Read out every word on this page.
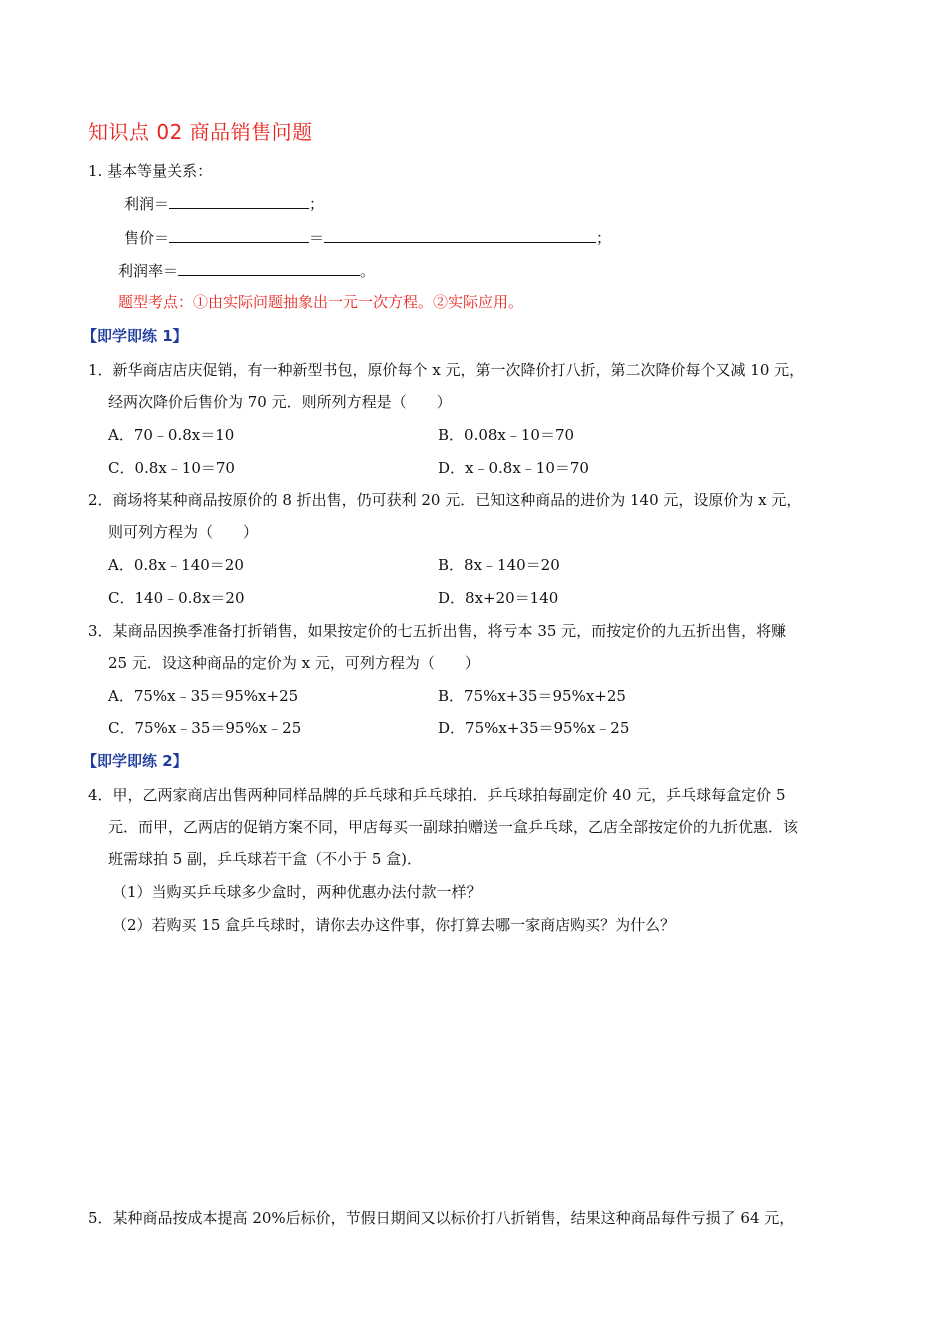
知识点 02 商品销售问题
1. 基本等量关系：
利润＝	；
售价＝	＝	；
利润率＝	。
题型考点：①由实际问题抽象出一元一次方程。②实际应用。
【即学即练 1】
1．新华商店店庆促销，有一种新型书包，原价每个 x 元，第一次降价打八折，第二次降价每个又减 10 元，
经两次降价后售价为 70 元．则所列方程是（　　）
A．70﹣0.8x＝10	B．0.08x﹣10＝70
C．0.8x﹣10＝70	D．x﹣0.8x﹣10＝70
2．商场将某种商品按原价的 8 折出售，仍可获利 20 元．已知这种商品的进价为 140 元，设原价为 x 元，
则可列方程为（　　）
A．0.8x﹣140＝20	B．8x﹣140＝20
C．140﹣0.8x＝20	D．8x+20＝140
3．某商品因换季准备打折销售，如果按定价的七五折出售，将亏本 35 元，而按定价的九五折出售，将赚
25 元．设这种商品的定价为 x 元，可列方程为（　　）
A．75%x﹣35＝95%x+25	B．75%x+35＝95%x+25
C．75%x﹣35＝95%x﹣25	D．75%x+35＝95%x﹣25
【即学即练 2】
4．甲，乙两家商店出售两种同样品牌的乒乓球和乒乓球拍．乒乓球拍每副定价 40 元，乒乓球每盒定价 5
元．而甲，乙两店的促销方案不同，甲店每买一副球拍赠送一盒乒乓球，乙店全部按定价的九折优惠．该
班需球拍 5 副，乒乓球若干盒（不小于 5 盒)．
（1）当购买乒乓球多少盒时，两种优惠办法付款一样？
（2）若购买 15 盒乒乓球时，请你去办这件事，你打算去哪一家商店购买？为什么？
5．某种商品按成本提高 20%后标价，节假日期间又以标价打八折销售，结果这种商品每件亏损了 64 元，
